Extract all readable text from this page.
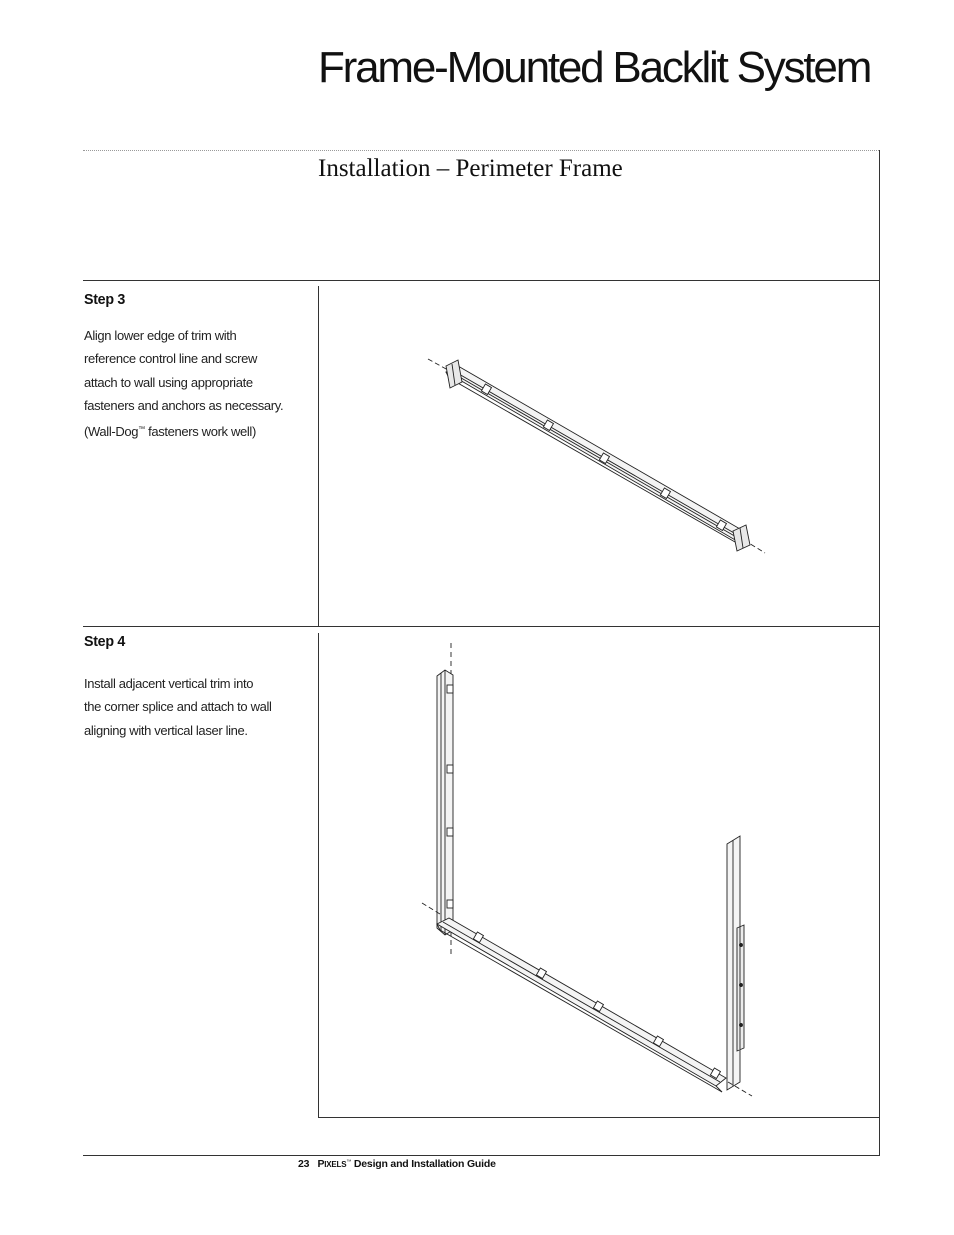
Frame-Mounted Backlit System
Installation – Perimeter Frame
Step 3

Align lower edge of trim with

reference control line and screw

attach to wall using appropriate

fasteners and anchors as necessary.

(Wall-Dog™ fasteners work well)

Step 4

Install adjacent vertical trim into

the corner splice and attach to wall

aligning with vertical laser line.

23 PIXELS™ Design and Installation Guide
